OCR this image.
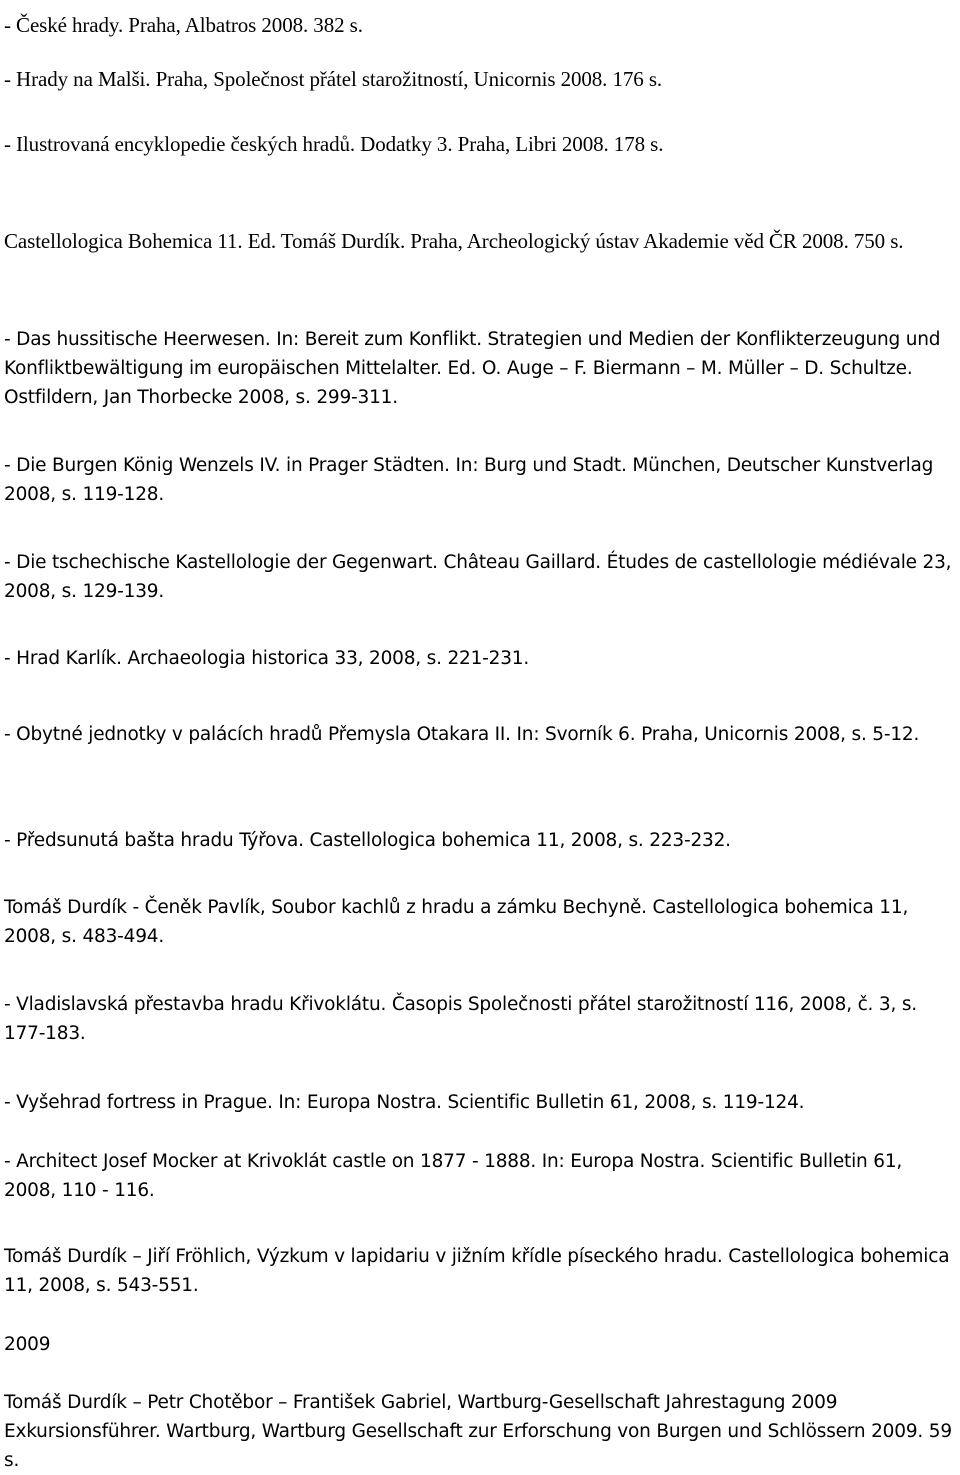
- České hrady. Praha, Albatros 2008. 382 s.

- Hrady na Malši. Praha, Společnost přátel starožitností, Unicornis 2008. 176 s.

- Ilustrovaná encyklopedie českých hradů. Dodatky 3. Praha, Libri 2008. 178 s.

Castellologica Bohemica 11. Ed. Tomáš Durdík. Praha, Archeologický ústav Akademie věd ČR 2008. 750 s.

- Das hussitische Heerwesen. In: Bereit zum Konflikt. Strategien und Medien der Konflikterzeugung und Konfliktbewältigung im europäischen Mittelalter. Ed. O. Auge – F. Biermann – M. Müller – D. Schultze. Ostfildern, Jan Thorbecke 2008, s. 299-311.

- Die Burgen König Wenzels IV. in Prager Städten. In: Burg und Stadt. München, Deutscher Kunstverlag 2008, s. 119-128.

- Die tschechische Kastellologie der Gegenwart. Château Gaillard. Études de castellologie médiévale 23, 2008, s. 129-139.

- Hrad Karlík. Archaeologia historica 33, 2008, s. 221-231.

- Obytné jednotky v palácích hradů Přemysla Otakara II. In: Svorník 6. Praha, Unicornis 2008, s. 5-12.

- Předsunutá bašta hradu Týřova. Castellologica bohemica 11, 2008, s. 223-232.

Tomáš Durdík - Čeněk Pavlík, Soubor kachlů z hradu a zámku Bechyně. Castellologica bohemica 11, 2008, s. 483-494.

- Vladislavská přestavba hradu Křivoklátu. Časopis Společnosti přátel starožitností 116, 2008, č. 3, s. 177-183.

- Vyšehrad fortress in Prague. In: Europa Nostra. Scientific Bulletin 61, 2008, s. 119-124.

- Architect Josef Mocker at Krivoklát castle on 1877 - 1888. In: Europa Nostra. Scientific Bulletin 61, 2008, 110 - 116.

Tomáš Durdík – Jiří Fröhlich, Výzkum v lapidariu v jižním křídle píseckého hradu. Castellologica bohemica 11, 2008, s. 543-551.

2009

Tomáš Durdík – Petr Chotěbor – František Gabriel, Wartburg-Gesellschaft Jahrestagung 2009 Exkursionsführer. Wartburg, Wartburg Gesellschaft zur Erforschung von Burgen und Schlössern 2009. 59 s.
